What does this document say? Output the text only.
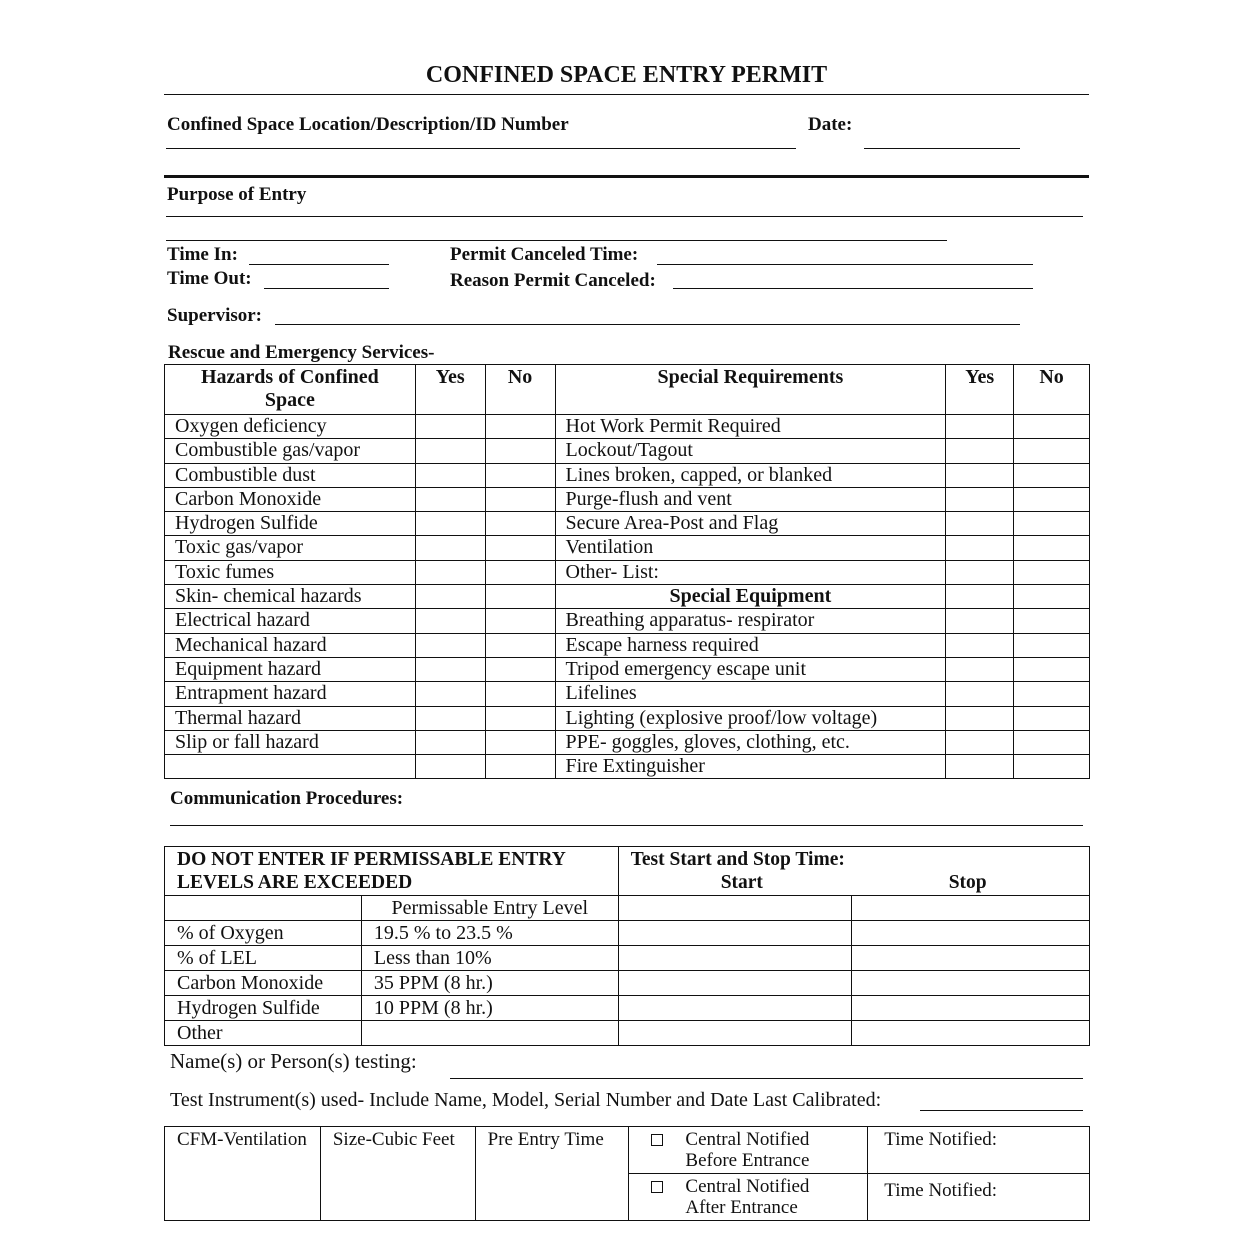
CONFINED SPACE ENTRY PERMIT
Confined Space Location/Description/ID Number	Date:
Purpose of Entry
Time In:
Time Out:
Permit Canceled Time:
Reason Permit Canceled:
Supervisor:
Rescue and Emergency Services-
Hazards of Confined Space	Yes	No	Special Requirements	Yes	No
Oxygen deficiency			Hot Work Permit Required		
Combustible gas/vapor			Lockout/Tagout		
Combustible dust			Lines broken, capped, or blanked		
Carbon Monoxide			Purge-flush and vent		
Hydrogen Sulfide			Secure Area-Post and Flag		
Toxic gas/vapor			Ventilation		
Toxic fumes			Other- List:		
Skin- chemical hazards			Special Equipment		
Electrical hazard			Breathing apparatus- respirator		
Mechanical hazard			Escape harness required		
Equipment hazard			Tripod emergency escape unit		
Entrapment hazard			Lifelines		
Thermal hazard			Lighting (explosive proof/low voltage)		
Slip or fall hazard			PPE- goggles, gloves, clothing, etc.		
			Fire Extinguisher		
Communication Procedures:
DO NOT ENTER IF PERMISSABLE ENTRY LEVELS ARE EXCEEDED		Test Start and Stop Time:
Start Stop	

	Permissable Entry Level		
% of Oxygen	19.5 % to 23.5 %		
% of LEL	Less than 10%		
Carbon Monoxide	35 PPM (8 hr.)		
Hydrogen Sulfide	10 PPM (8 hr.)		
Other			
Name(s) or Person(s) testing:
Test Instrument(s) used- Include Name, Model, Serial Number and Date Last Calibrated:
CFM-Ventilation	Size-Cubic Feet	Pre Entry Time	Central Notified Before Entrance	Time Notified:
			Central Notified After Entrance	Time Notified:
